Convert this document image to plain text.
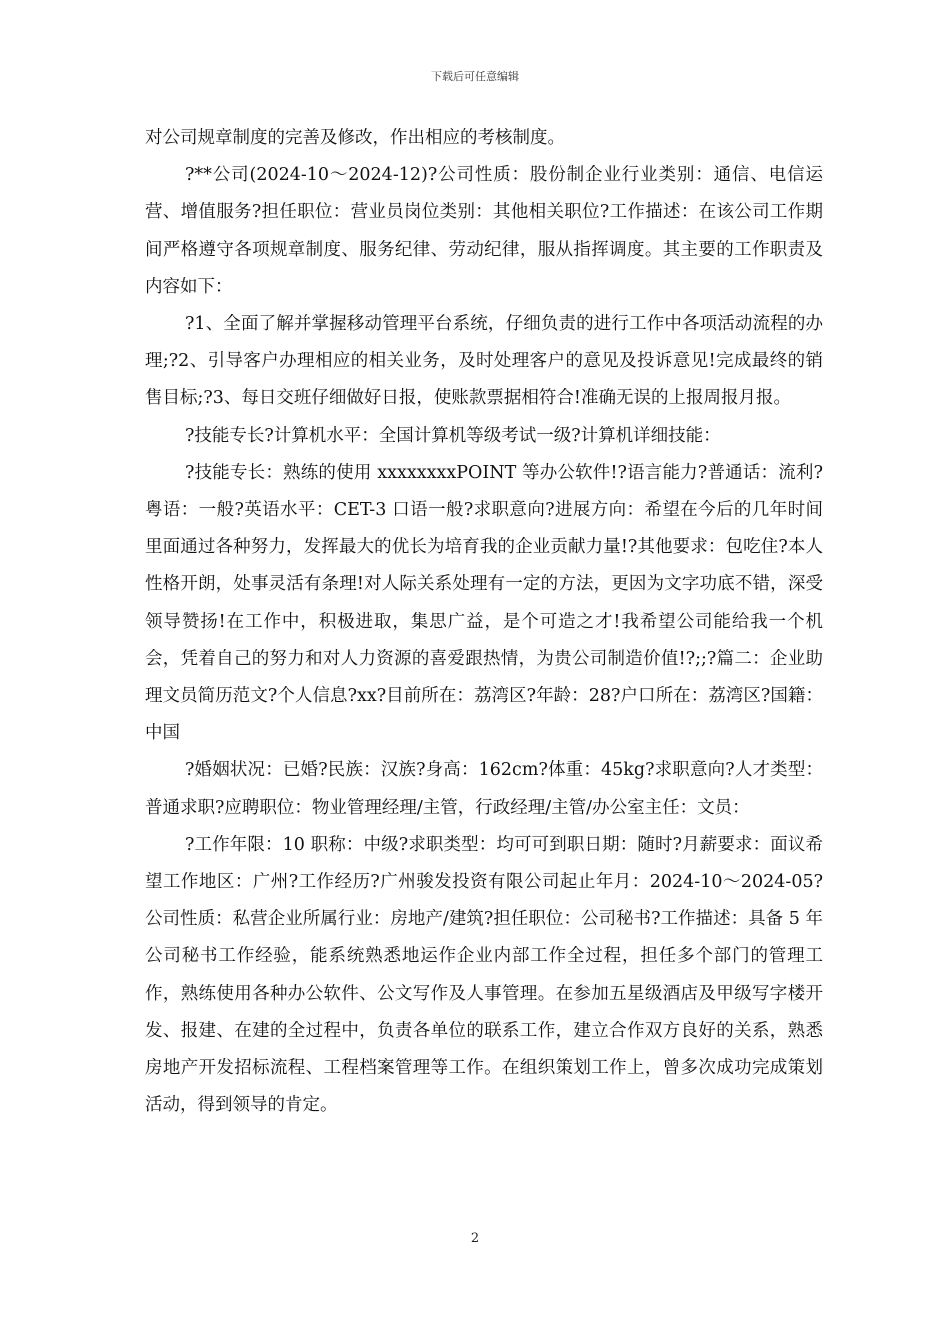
下载后可任意编辑

对公司规章制度的完善及修改，作出相应的考核制度。

?**公司(2024-10～2024-12)?公司性质：股份制企业行业类别：通信、电信运营、增值服务?担任职位：营业员岗位类别：其他相关职位?工作描述：在该公司工作期间严格遵守各项规章制度、服务纪律、劳动纪律，服从指挥调度。其主要的工作职责及内容如下：

?1、全面了解并掌握移动管理平台系统，仔细负责的进行工作中各项活动流程的办理;?2、引导客户办理相应的相关业务，及时处理客户的意见及投诉意见!完成最终的销售目标;?3、每日交班仔细做好日报，使账款票据相符合!准确无误的上报周报月报。

?技能专长?计算机水平：全国计算机等级考试一级?计算机详细技能：

?技能专长：熟练的使用 xxxxxxxxPOINT 等办公软件!?语言能力?普通话：流利?粤语：一般?英语水平：CET-3 口语一般?求职意向?进展方向：希望在今后的几年时间里面通过各种努力，发挥最大的优长为培育我的企业贡献力量!?其他要求：包吃住?本人性格开朗，处事灵活有条理!对人际关系处理有一定的方法，更因为文字功底不错，深受领导赞扬!在工作中，积极进取，集思广益，是个可造之才!我希望公司能给我一个机会，凭着自己的努力和对人力资源的喜爱跟热情，为贵公司制造价值!?;;?篇二：企业助理文员简历范文?个人信息?xx?目前所在：荔湾区?年龄：28?户口所在：荔湾区?国籍：中国

?婚姻状况：已婚?民族：汉族?身高：162cm?体重：45kg?求职意向?人才类型：普通求职?应聘职位：物业管理经理/主管，行政经理/主管/办公室主任：文员：

?工作年限：10 职称：中级?求职类型：均可可到职日期：随时?月薪要求：面议希望工作地区：广州?工作经历?广州骏发投资有限公司起止年月：2024-10～2024-05?公司性质：私营企业所属行业：房地产/建筑?担任职位：公司秘书?工作描述：具备 5 年公司秘书工作经验，能系统熟悉地运作企业内部工作全过程，担任多个部门的管理工作，熟练使用各种办公软件、公文写作及人事管理。在参加五星级酒店及甲级写字楼开发、报建、在建的全过程中，负责各单位的联系工作，建立合作双方良好的关系，熟悉房地产开发招标流程、工程档案管理等工作。在组织策划工作上，曾多次成功完成策划活动，得到领导的肯定。

2
